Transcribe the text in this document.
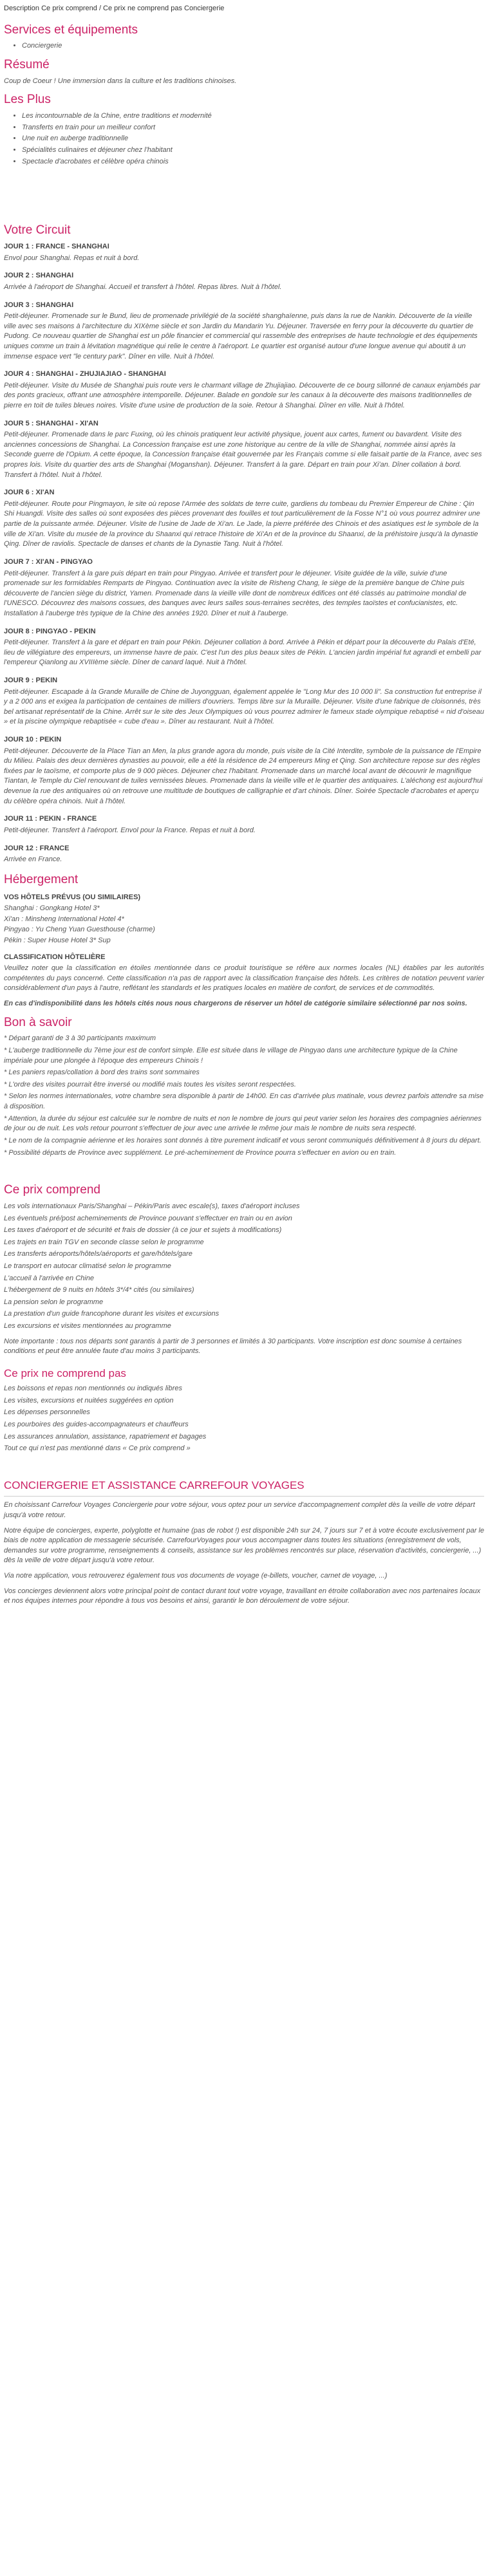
Description Ce prix comprend / Ce prix ne comprend pas Conciergerie
Services et équipements
• Conciergerie
Résumé

Coup de Coeur ! Une immersion dans la culture et les traditions chinoises.

Les Plus
• Les incontournable de la Chine, entre traditions et modernité
• Transferts en train pour un meilleur confort
• Une nuit en auberge traditionnelle
• Spécialités culinaires et déjeuner chez l'habitant
• Spectacle d'acrobates et célèbre opéra chinois
Votre Circuit
JOUR 1 : FRANCE - SHANGHAI
Envol pour Shanghai. Repas et nuit à bord.
JOUR 2 : SHANGHAI
Arrivée à l'aéroport de Shanghai. Accueil et transfert à l'hôtel. Repas libres. Nuit à l'hôtel.
JOUR 3 : SHANGHAI
Petit-déjeuner. Promenade sur le Bund, lieu de promenade privilégié de la société shanghaïenne, puis dans la rue de Nankin. Découverte de la vieille ville avec ses maisons à l'architecture du XIXème siècle et son Jardin du Mandarin Yu. Déjeuner. Traversée en ferry pour la découverte du quartier de Pudong. Ce nouveau quartier de Shanghai est un pôle financier et commercial qui rassemble des entreprises de haute technologie et des équipements uniques comme un train à lévitation magnétique qui relie le centre à l'aéroport. Le quartier est organisé autour d'une longue avenue qui aboutit à un immense espace vert "le century park". Dîner en ville. Nuit à l'hôtel.
JOUR 4 : SHANGHAI - ZHUJIAJIAO - SHANGHAI
Petit-déjeuner. Visite du Musée de Shanghai puis route vers le charmant village de Zhujiajiao. Découverte de ce bourg sillonné de canaux enjambés par des ponts gracieux, offrant une atmosphère intemporelle. Déjeuner. Balade en gondole sur les canaux à la découverte des maisons traditionnelles de pierre en toit de tuiles bleues noires. Visite d'une usine de production de la soie. Retour à Shanghai. Dîner en ville. Nuit à l'hôtel.
JOUR 5 : SHANGHAI - XI'AN
Petit-déjeuner. Promenade dans le parc Fuxing, où les chinois pratiquent leur activité physique, jouent aux cartes, fument ou bavardent. Visite des anciennes concessions de Shanghai. La Concession française est une zone historique au centre de la ville de Shanghai, nommée ainsi après la Seconde guerre de l'Opium. A cette époque, la Concession française était gouvernée par les Français comme si elle faisait partie de la France, avec ses propres lois. Visite du quartier des arts de Shanghai (Moganshan). Déjeuner. Transfert à la gare. Départ en train pour Xi'an. Dîner collation à bord. Transfert à l'hôtel. Nuit à l'hôtel.
JOUR 6 : XI'AN
Petit-déjeuner. Route pour Pingmayon, le site où repose l'Armée des soldats de terre cuite, gardiens du tombeau du Premier Empereur de Chine : Qin Shi Huangdi. Visite des salles où sont exposées des pièces provenant des fouilles et tout particulièrement de la Fosse N°1 où vous pourrez admirer une partie de la puissante armée. Déjeuner. Visite de l'usine de Jade de Xi'an. Le Jade, la pierre préférée des Chinois et des asiatiques est le symbole de la ville de Xi'an. Visite du musée de la province du Shaanxi qui retrace l'histoire de Xi'An et de la province du Shaanxi, de la préhistoire jusqu'à la dynastie Qing. Dîner de raviolis. Spectacle de danses et chants de la Dynastie Tang. Nuit à l'hôtel.
JOUR 7 : XI'AN - PINGYAO
Petit-déjeuner. Transfert à la gare puis départ en train pour Pingyao. Arrivée et transfert pour le déjeuner. Visite guidée de la ville, suivie d'une promenade sur les formidables Remparts de Pingyao. Continuation avec la visite de Risheng Chang, le siège de la première banque de Chine puis découverte de l'ancien siège du district, Yamen. Promenade dans la vieille ville dont de nombreux édifices ont été classés au patrimoine mondial de l'UNESCO. Découvrez des maisons cossues, des banques avec leurs salles sous-terraines secrètes, des temples taoïstes et confucianistes, etc. Installation à l'auberge très typique de la Chine des années 1920. Dîner et nuit à l'auberge.
JOUR 8 : PINGYAO - PEKIN
Petit-déjeuner. Transfert à la gare et départ en train pour Pékin. Déjeuner collation à bord. Arrivée à Pékin et départ pour la découverte du Palais d'Eté, lieu de villégiature des empereurs, un immense havre de paix. C'est l'un des plus beaux sites de Pékin. L'ancien jardin impérial fut agrandi et embelli par l'empereur Qianlong au XVIIIème siècle. Dîner de canard laqué. Nuit à l'hôtel.
JOUR 9 : PEKIN
Petit-déjeuner. Escapade à la Grande Muraille de Chine de Juyongguan, également appelée le "Long Mur des 10 000 li". Sa construction fut entreprise il y a 2 000 ans et exigea la participation de centaines de milliers d'ouvriers. Temps libre sur la Muraille. Déjeuner. Visite d'une fabrique de cloisonnés, très bel artisanat représentatif de la Chine. Arrêt sur le site des Jeux Olympiques où vous pourrez admirer le fameux stade olympique rebaptisé « nid d'oiseau » et la piscine olympique rebaptisée « cube d'eau ». Dîner au restaurant. Nuit à l'hôtel.
JOUR 10 : PEKIN
Petit-déjeuner. Découverte de la Place Tian an Men, la plus grande agora du monde, puis visite de la Cité Interdite, symbole de la puissance de l'Empire du Milieu. Palais des deux dernières dynasties au pouvoir, elle a été la résidence de 24 empereurs Ming et Qing. Son architecture repose sur des règles fixées par le taoïsme, et comporte plus de 9 000 pièces. Déjeuner chez l'habitant. Promenade dans un marché local avant de découvrir le magnifique Tiantan, le Temple du Ciel renouvant de tuiles vernissées bleues. Promenade dans la vieille ville et le quartier des antiquaires. L'aléchong est aujourd'hui devenue la rue des antiquaires où on retrouve une multitude de boutiques de calligraphie et d'art chinois. Dîner. Soirée Spectacle d'acrobates et aperçu du célèbre opéra chinois. Nuit à l'hôtel.
JOUR 11 : PEKIN - FRANCE
Petit-déjeuner. Transfert à l'aéroport. Envol pour la France. Repas et nuit à bord.
JOUR 12 : FRANCE
Arrivée en France.
Hébergement
VOS HÔTELS PRÉVUS (OU SIMILAIRES)
Shanghai : Gongkang Hotel 3*
Xi'an : Minsheng International Hotel 4*
Pingyao : Yu Cheng Yuan Guesthouse (charme)
Pékin : Super House Hotel 3* Sup
CLASSIFICATION HÔTELIÈRE

Veuillez noter que la classification en étoiles mentionnée dans ce produit touristique se réfère aux normes locales (NL) établies par les autorités compétentes du pays concerné. Cette classification n'a pas de rapport avec la classification française des hôtels. Les critères de notation peuvent varier considérablement d'un pays à l'autre, reflétant les standards et les pratiques locales en matière de confort, de services et de commodités.

En cas d'indisponibilité dans les hôtels cités nous nous chargerons de réserver un hôtel de catégorie similaire sélectionné par nos soins.

Bon à savoir

* Départ garanti de 3 à 30 participants maximum

* L'auberge traditionnelle du 7ème jour est de confort simple. Elle est située dans le village de Pingyao dans une architecture typique de la Chine impériale pour une plongée à l'époque des empereurs Chinois !

* Les paniers repas/collation à bord des trains sont sommaires

* L'ordre des visites pourrait être inversé ou modifié mais toutes les visites seront respectées.

* Selon les normes internationales, votre chambre sera disponible à partir de 14h00. En cas d'arrivée plus matinale, vous devrez parfois attendre sa mise à disposition.

* Attention, la durée du séjour est calculée sur le nombre de nuits et non le nombre de jours qui peut varier selon les horaires des compagnies aériennes de jour ou de nuit. Les vols retour pourront s'effectuer de jour avec une arrivée le même jour mais le nombre de nuits sera respecté.

* Le nom de la compagnie aérienne et les horaires sont donnés à titre purement indicatif et vous seront communiqués définitivement à 8 jours du départ.

* Possibilité départs de Province avec supplément. Le pré-acheminement de Province pourra s'effectuer en avion ou en train.

Ce prix comprend

Les vols internationaux Paris/Shanghai – Pékin/Paris avec escale(s), taxes d'aéroport incluses

Les éventuels pré/post acheminements de Province pouvant s'effectuer en train ou en avion

Les taxes d'aéroport et de sécurité et frais de dossier (à ce jour et sujets à modifications)

Les trajets en train TGV en seconde classe selon le programme

Les transferts aéroports/hôtels/aéroports et gare/hôtels/gare

Le transport en autocar climatisé selon le programme

L'accueil à l'arrivée en Chine

L'hébergement de 9 nuits en hôtels 3*/4* cités (ou similaires)

La pension selon le programme

La prestation d'un guide francophone durant les visites et excursions

Les excursions et visites mentionnées au programme

Note importante : tous nos départs sont garantis à partir de 3 personnes et limités à 30 participants. Votre inscription est donc soumise à certaines conditions et peut être annulée faute d'au moins 3 participants.

Ce prix ne comprend pas

Les boissons et repas non mentionnés ou indiqués libres

Les visites, excursions et nuitées suggérées en option

Les dépenses personnelles

Les pourboires des guides-accompagnateurs et chauffeurs

Les assurances annulation, assistance, rapatriement et bagages

Tout ce qui n'est pas mentionné dans « Ce prix comprend »

CONCIERGERIE ET ASSISTANCE CARREFOUR VOYAGES

En choisissant Carrefour Voyages Conciergerie pour votre séjour, vous optez pour un service d'accompagnement complet dès la veille de votre départ jusqu'à votre retour.

Notre équipe de concierges, experte, polyglotte et humaine (pas de robot !) est disponible 24h sur 24, 7 jours sur 7 et à votre écoute exclusivement par le biais de notre application de messagerie sécurisée. CarrefourVoyages pour vous accompagner dans toutes les situations (enregistrement de vols, demandes sur votre programme, renseignements & conseils, assistance sur les problèmes rencontrés sur place, réservation d'activités, conciergerie, ...) dès la veille de votre départ jusqu'à votre retour.

Via notre application, vous retrouverez également tous vos documents de voyage (e-billets, voucher, carnet de voyage, ...)

Vos concierges deviennent alors votre principal point de contact durant tout votre voyage, travaillant en étroite collaboration avec nos partenaires locaux et nos équipes internes pour répondre à tous vos besoins et ainsi, garantir le bon déroulement de votre séjour.
